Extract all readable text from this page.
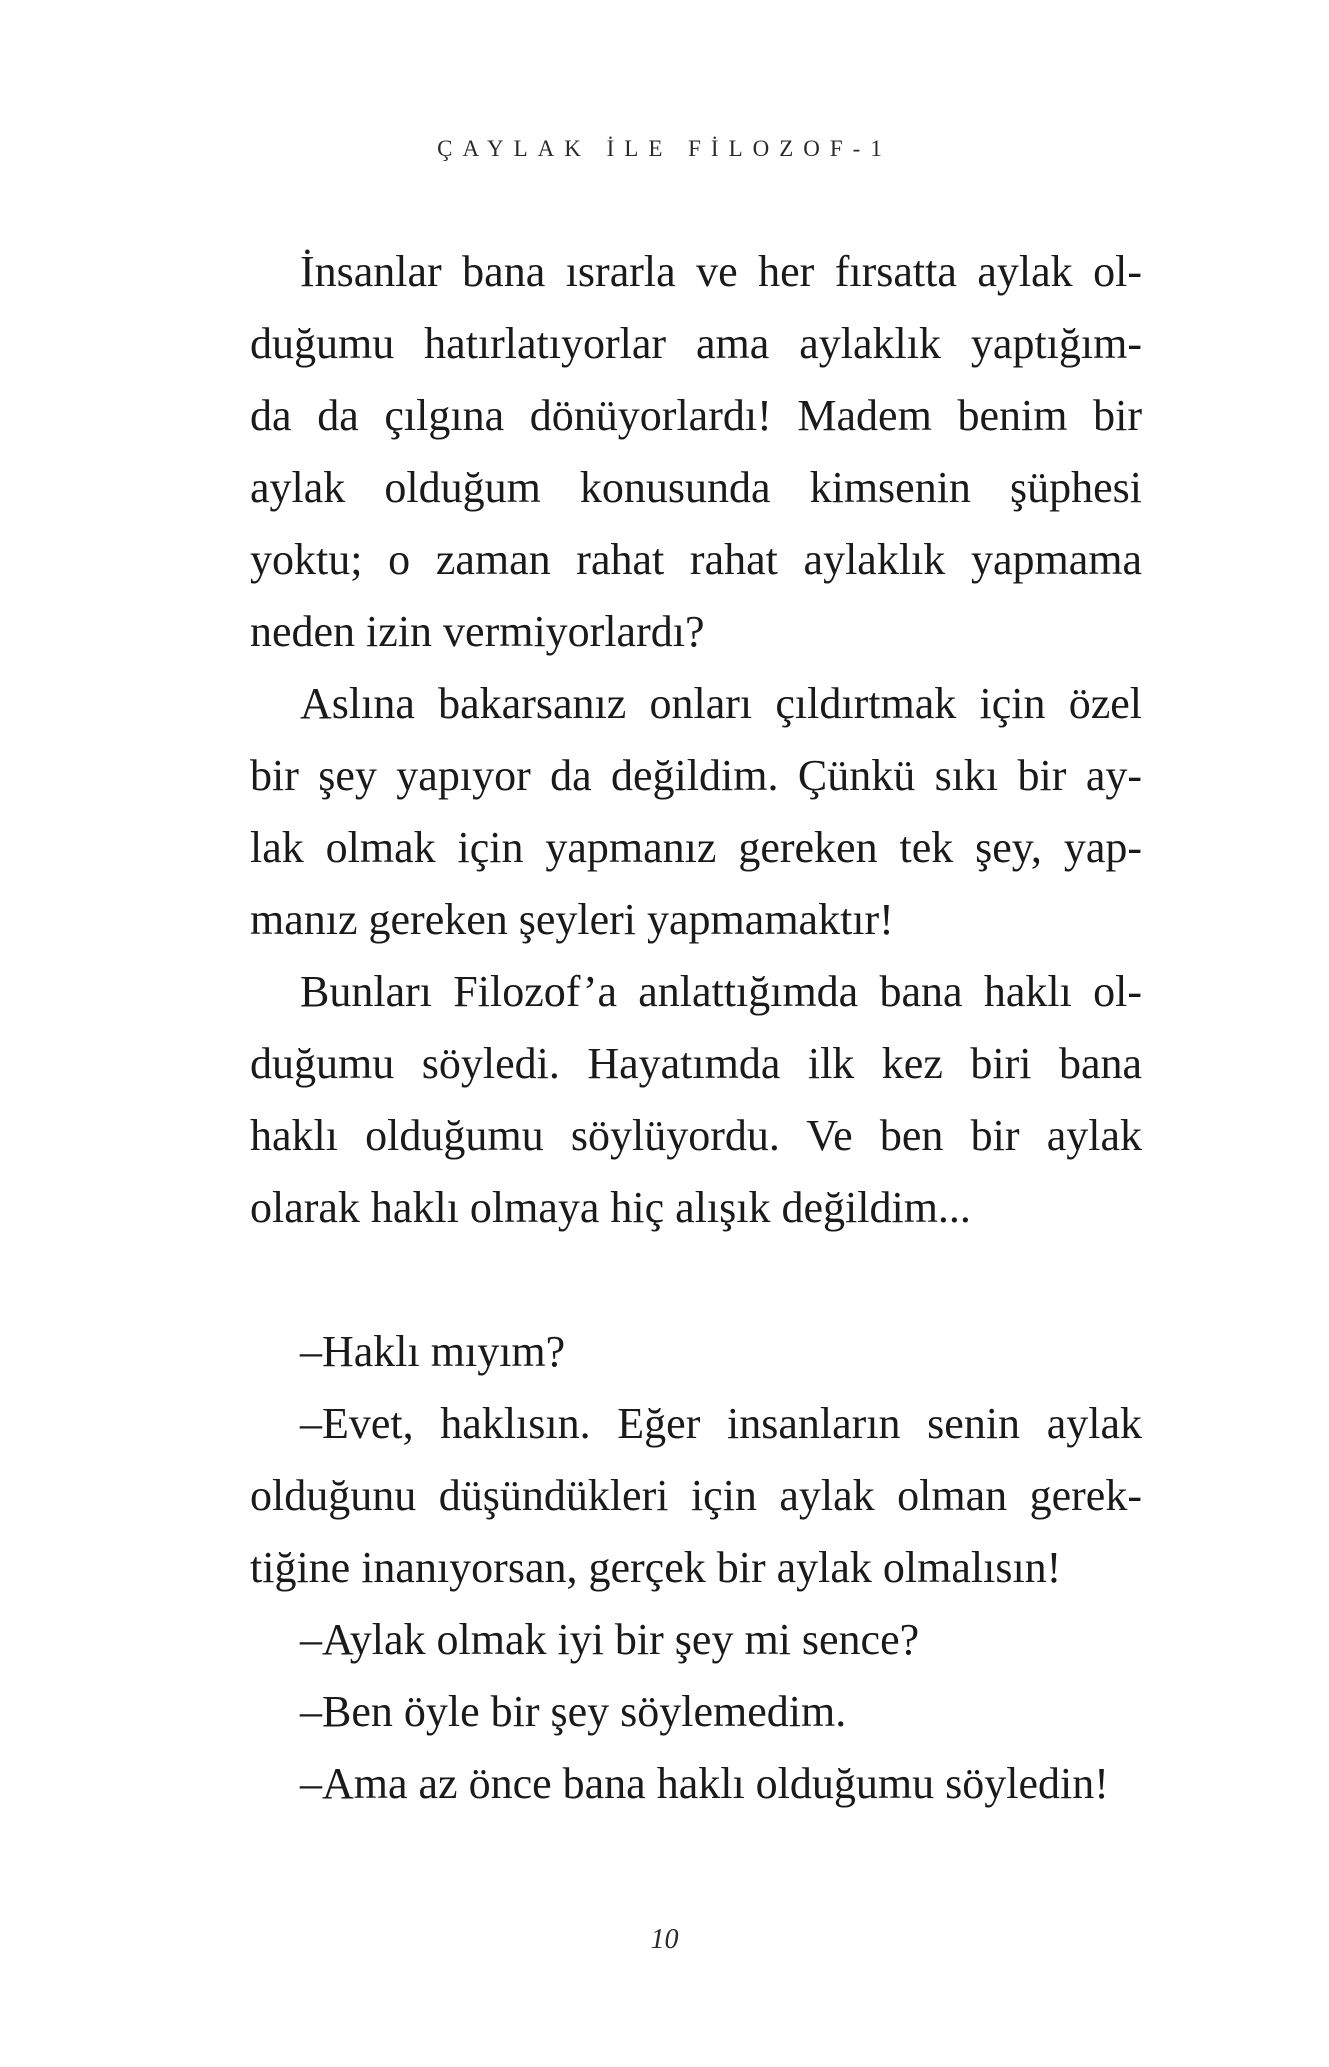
ÇAYLAK İLE FİLOZOF-1
İnsanlar bana ısrarla ve her fırsatta aylak ol-
duğumu hatırlatıyorlar ama aylaklık yaptığım-
da da çılgına dönüyorlardı! Madem benim bir
aylak olduğum konusunda kimsenin şüphesi
yoktu; o zaman rahat rahat aylaklık yapmama
neden izin vermiyorlardı?
Aslına bakarsanız onları çıldırtmak için özel
bir şey yapıyor da değildim. Çünkü sıkı bir ay-
lak olmak için yapmanız gereken tek şey, yap-
manız gereken şeyleri yapmamaktır!
Bunları Filozof’a anlattığımda bana haklı ol-
duğumu söyledi. Hayatımda ilk kez biri bana
haklı olduğumu söylüyordu. Ve ben bir aylak
olarak haklı olmaya hiç alışık değildim...
–Haklı mıyım?
–Evet, haklısın. Eğer insanların senin aylak
olduğunu düşündükleri için aylak olman gerek-
tiğine inanıyorsan, gerçek bir aylak olmalısın!
–Aylak olmak iyi bir şey mi sence?
–Ben öyle bir şey söylemedim.
–Ama az önce bana haklı olduğumu söyledin!
10
